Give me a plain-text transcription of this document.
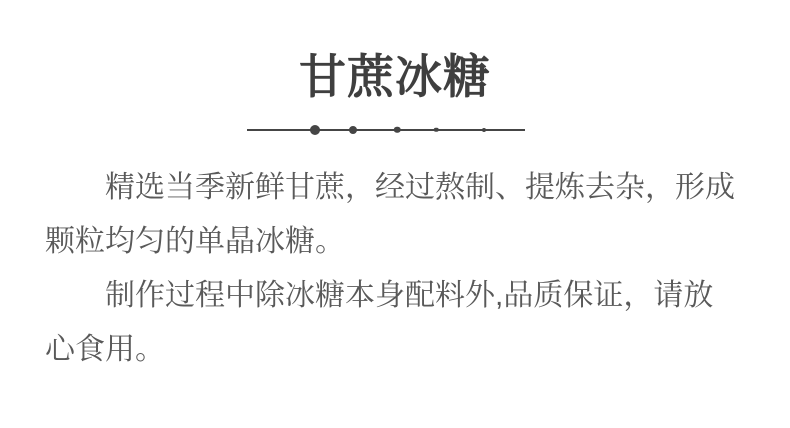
甘蔗冰糖

精选当季新鲜甘蔗，经过熬制、提炼去杂，形成颗粒均匀的单晶冰糖。

制作过程中除冰糖本身配料外,品质保证，请放心食用。
